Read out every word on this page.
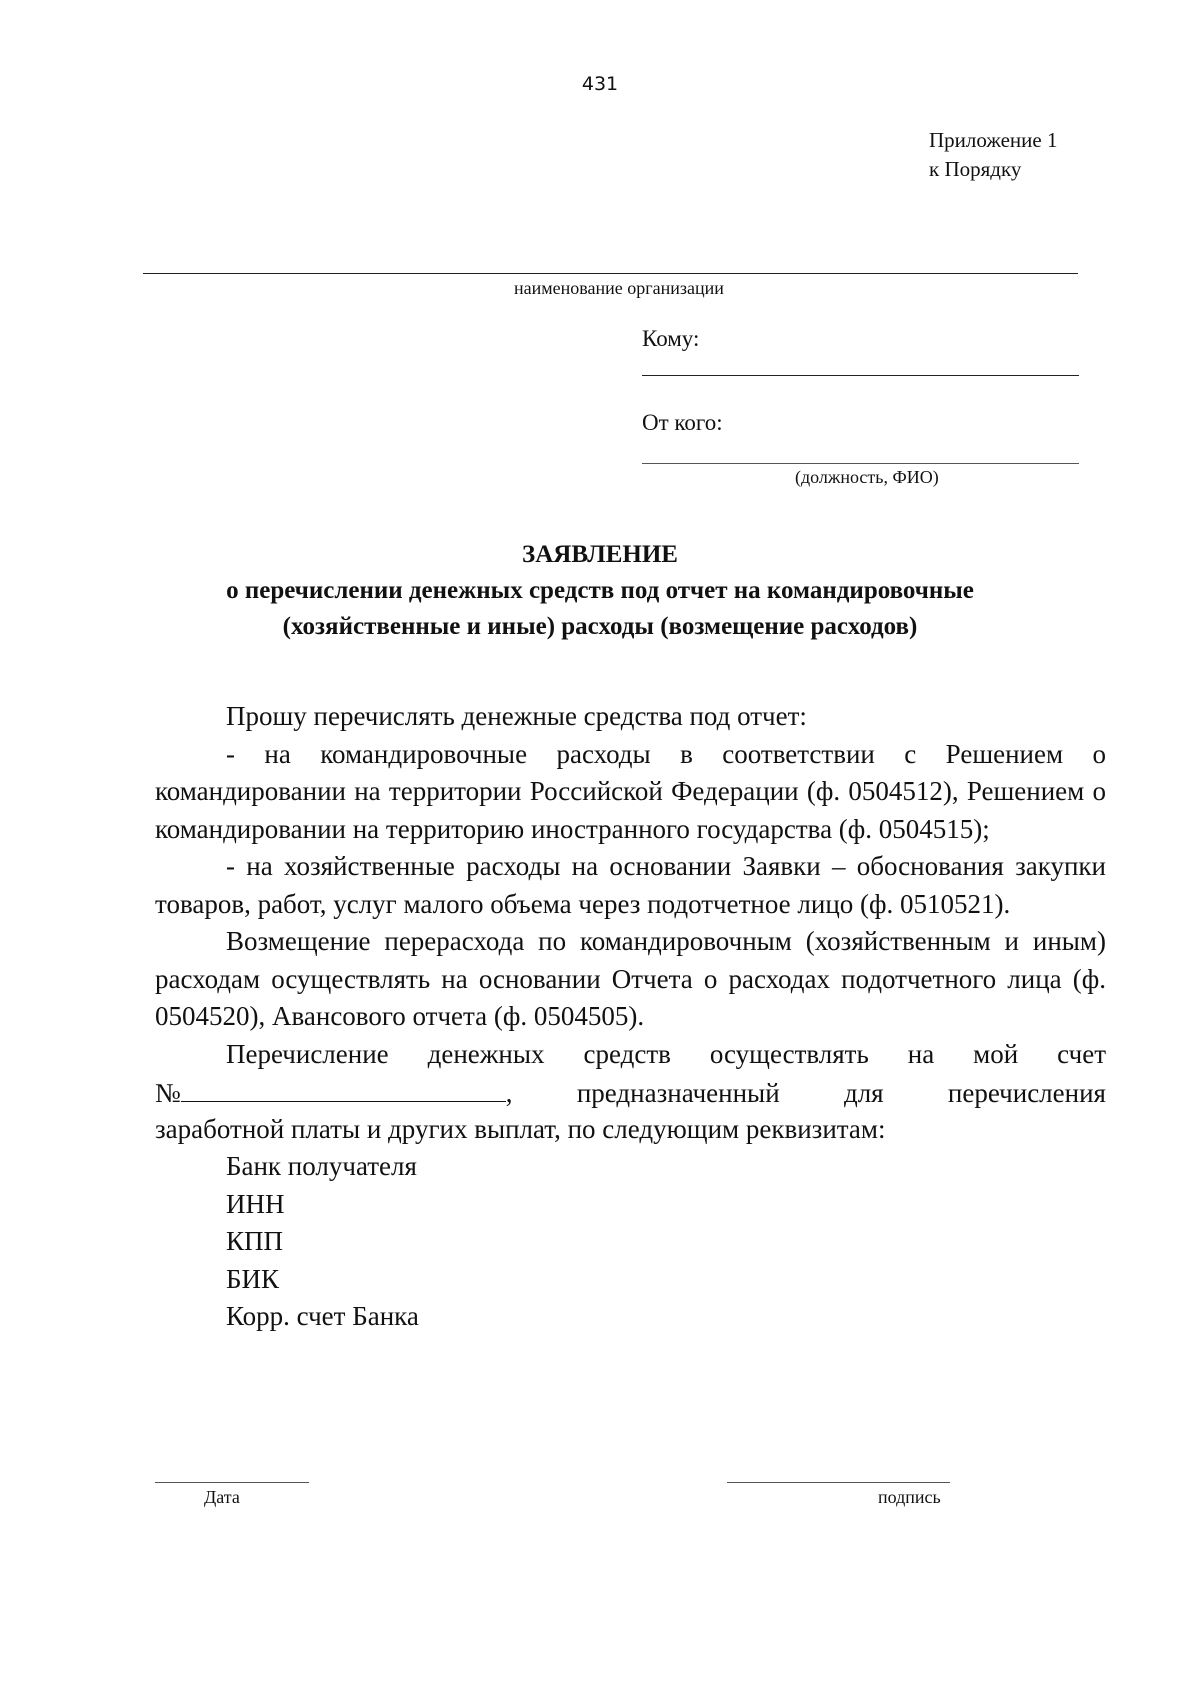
431
Приложение 1
к Порядку
наименование организации
Кому:
От кого:
(должность, ФИО)
ЗАЯВЛЕНИЕ
о перечислении денежных средств под отчет на командировочные
(хозяйственные и иные) расходы (возмещение расходов)

Прошу перечислять денежные средства под отчет:

- на командировочные расходы в соответствии с Решением о командировании на территории Российской Федерации (ф. 0504512), Решением о командировании на территорию иностранного государства (ф. 0504515);

- на хозяйственные расходы на основании Заявки – обоснования закупки товаров, работ, услуг малого объема через подотчетное лицо (ф. 0510521).

Возмещение перерасхода по командировочным (хозяйственным и иным) расходам осуществлять на основании Отчета о расходах подотчетного лица (ф. 0504520), Авансового отчета (ф. 0504505).

Перечисление денежных средств осуществлять на мой счет

№	, предназначенный для перечисления

заработной платы и других выплат, по следующим реквизитам:

Банк получателя
ИНН
КПП
БИК
Корр. счет Банка
Дата	подпись
